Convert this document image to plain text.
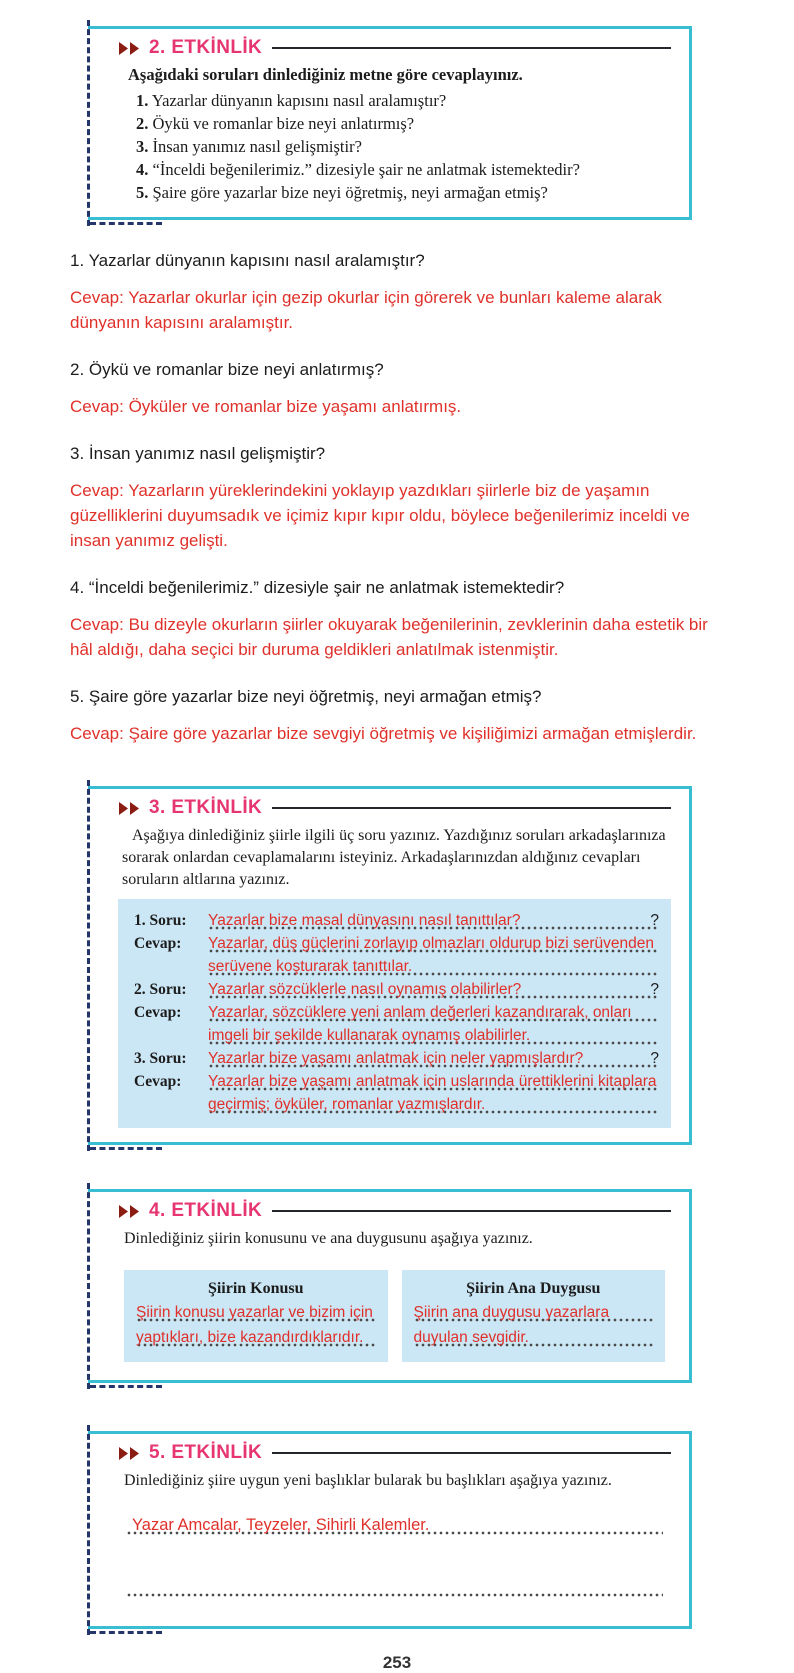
2. ETKİNLİK

Aşağıdaki soruları dinlediğiniz metne göre cevaplayınız.

1. Yazarlar dünyanın kapısını nasıl aralamıştır?
2. Öykü ve romanlar bize neyi anlatırmış?
3. İnsan yanımız nasıl gelişmiştir?
4. “İnceldi beğenilerimiz.” dizesiyle şair ne anlatmak istemektedir?
5. Şaire göre yazarlar bize neyi öğretmiş, neyi armağan etmiş?

1. Yazarlar dünyanın kapısını nasıl aralamıştır?

Cevap: Yazarlar okurlar için gezip okurlar için görerek ve bunları kaleme alarak dünyanın kapısını aralamıştır.

2. Öykü ve romanlar bize neyi anlatırmış?

Cevap: Öyküler ve romanlar bize yaşamı anlatırmış.

3. İnsan yanımız nasıl gelişmiştir?

Cevap: Yazarların yüreklerindekini yoklayıp yazdıkları şiirlerle biz de yaşamın güzelliklerini duyumsadık ve içimiz kıpır kıpır oldu, böylece beğenilerimiz inceldi ve insan yanımız gelişti.

4. “İnceldi beğenilerimiz.” dizesiyle şair ne anlatmak istemektedir?

Cevap: Bu dizeyle okurların şiirler okuyarak beğenilerinin, zevklerinin daha estetik bir hâl aldığı, daha seçici bir duruma geldikleri anlatılmak istenmiştir.

5. Şaire göre yazarlar bize neyi öğretmiş, neyi armağan etmiş?

Cevap: Şaire göre yazarlar bize sevgiyi öğretmiş ve kişiliğimizi armağan etmişlerdir.

3. ETKİNLİK

Aşağıya dinlediğiniz şiirle ilgili üç soru yazınız. Yazdığınız soruları arkadaşlarınıza sorarak onlardan cevaplamalarını isteyiniz. Arkadaşlarınızdan aldığınız cevapları soruların altlarına yazınız.

1. Soru:	?
Yazarlar bize masal dünyasını nasıl tanıttılar?
Cevap: Yazarlar, düş güçlerini zorlayıp olmazları oldurup bizi serüvenden serüvene koşturarak tanıttılar.
2. Soru:	?
Yazarlar sözcüklerle nasıl oynamış olabilirler?
Cevap: Yazarlar, sözcüklere yeni anlam değerleri kazandırarak, onları imgeli bir şekilde kullanarak oynamış olabilirler.
3. Soru:	?
Yazarlar bize yaşamı anlatmak için neler yapmışlardır?
Cevap: Yazarlar bize yaşamı anlatmak için uslarında ürettiklerini kitaplara geçirmiş; öyküler, romanlar yazmışlardır.
4. ETKİNLİK

Dinlediğiniz şiirin konusunu ve ana duygusunu aşağıya yazınız.

Şiirin Konusu
Şiirin konusu yazarlar ve bizim için yaptıkları, bize kazandırdıklarıdır.
Şiirin Ana Duygusu
Şiirin ana duygusu yazarlara duyulan sevgidir.
5. ETKİNLİK

Dinlediğiniz şiire uygun yeni başlıklar bularak bu başlıkları aşağıya yazınız.

Yazar Amcalar, Teyzeler, Sihirli Kalemler.
253
